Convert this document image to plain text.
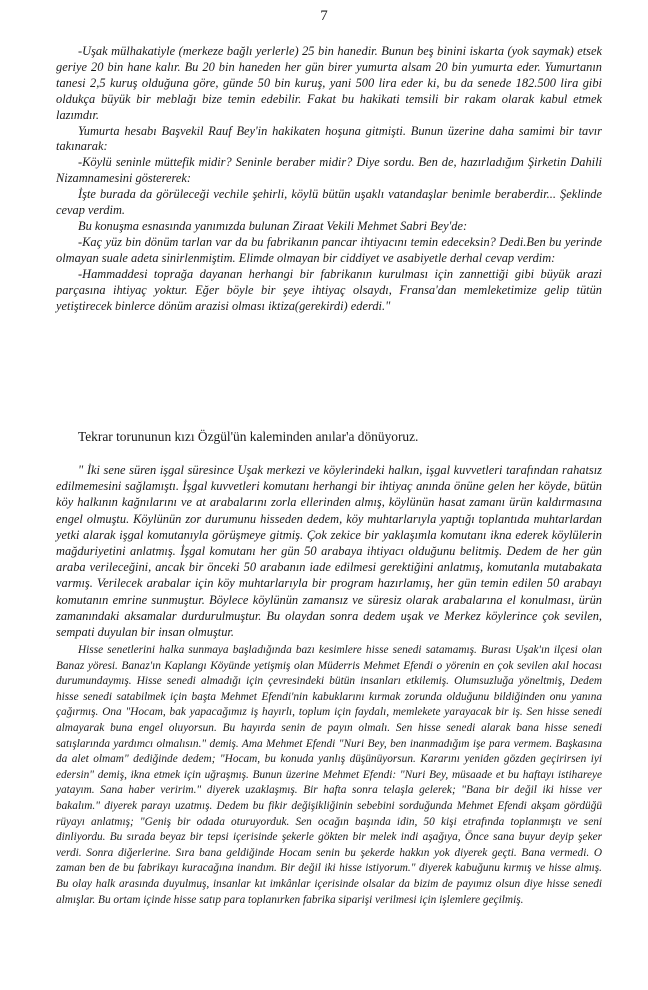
7

-Uşak mülhakatiyle (merkeze bağlı yerlerle) 25 bin hanedir. Bunun beş binini iskarta (yok saymak) etsek geriye 20 bin hane kalır. Bu 20 bin haneden her gün birer yumurta alsam 20 bin yumurta eder. Yumurtanın tanesi 2,5 kuruş olduğuna göre, günde 50 bin kuruş, yani 500 lira eder ki, bu da senede 182.500 lira gibi oldukça büyük bir meblağı bize temin edebilir. Fakat bu hakikati temsili bir rakam olarak kabul etmek lazımdır.

Yumurta hesabı Başvekil Rauf Bey'in hakikaten hoşuna gitmişti. Bunun üzerine daha samimi bir tavır takınarak:

-Köylü seninle müttefik midir? Seninle beraber midir? Diye sordu. Ben de, hazırladığım Şirketin Dahili Nizamnamesini göstererek:

İşte burada da görüleceği vechile şehirli, köylü bütün uşaklı vatandaşlar benimle beraberdir... Şeklinde cevap verdim.

Bu konuşma esnasında yanımızda bulunan Ziraat Vekili Mehmet Sabri Bey'de:

-Kaç yüz bin dönüm tarlan var da bu fabrikanın pancar ihtiyacını temin edeceksin? Dedi.Ben bu yerinde olmayan suale adeta sinirlenmiştim. Elimde olmayan bir ciddiyet ve asabiyetle derhal cevap verdim:

-Hammaddesi toprağa dayanan herhangi bir fabrikanın kurulması için zannettiği gibi büyük arazi parçasına ihtiyaç yoktur. Eğer böyle bir şeye ihtiyaç olsaydı, Fransa'dan memleketimize gelip tütün yetiştirecek binlerce dönüm arazisi olması iktiza(gerekirdi) ederdi."

Tekrar torununun kızı Özgül'ün kaleminden anılar'a dönüyoruz.

" İki sene süren işgal süresince Uşak merkezi ve köylerindeki halkın, işgal kuvvetleri tarafından rahatsız edilmemesini sağlamıştı. İşgal kuvvetleri komutanı herhangi bir ihtiyaç anında önüne gelen her köyde, bütün köy halkının kağnılarını ve at arabalarını zorla ellerinden almış, köylünün hasat zamanı ürün kaldırmasına engel olmuştu. Köylünün zor durumunu hisseden dedem, köy muhtarlarıyla yaptığı toplantıda muhtarlardan yetki alarak işgal komutanıyla görüşmeye gitmiş. Çok zekice bir yaklaşımla komutanı ikna ederek köylülerin mağduriyetini anlatmış. İşgal komutanı her gün 50 arabaya ihtiyacı olduğunu belitmiş. Dedem de her gün araba verileceğini, ancak bir önceki 50 arabanın iade edilmesi gerektiğini anlatmış, komutanla mutabakata varmış. Verilecek arabalar için köy muhtarlarıyla bir program hazırlamış, her gün temin edilen 50 arabayı komutanın emrine sunmuştur. Böylece köylünün zamansız ve süresiz olarak arabalarına el konulması, ürün zamanındaki aksamalar durdurulmuştur. Bu olaydan sonra dedem uşak ve Merkez köylerince çok sevilen, sempati duyulan bir insan olmuştur.

Hisse senetlerini halka sunmaya başladığında bazı kesimlere hisse senedi satamamış. Burası Uşak'ın ilçesi olan Banaz yöresi. Banaz'ın Kaplangı Köyünde yetişmiş olan Müderris Mehmet Efendi o yörenin en çok sevilen akıl hocası durumundaymış. Hisse senedi almadığı için çevresindeki bütün insanları etkilemiş. Olumsuzluğa yöneltmiş, Dedem hisse senedi satabilmek için başta Mehmet Efendi'nin kabuklarını kırmak zorunda olduğunu bildiğinden onu yanına çağırmış. Ona "Hocam, bak yapacağımız iş hayırlı, toplum için faydalı, memlekete yarayacak bir iş. Sen hisse senedi almayarak buna engel oluyorsun. Bu hayırda senin de payın olmalı. Sen hisse senedi alarak bana hisse senedi satışlarında yardımcı olmalısın." demiş. Ama Mehmet Efendi "Nuri Bey, ben inanmadığım işe para vermem. Başkasına da alet olmam" dediğinde dedem; "Hocam, bu konuda yanlış düşünüyorsun. Kararını yeniden gözden geçirirsen iyi edersin" demiş, ikna etmek için uğraşmış. Bunun üzerine Mehmet Efendi: "Nuri Bey, müsaade et bu haftayı istihareye yatayım. Sana haber veririm." diyerek uzaklaşmış. Bir hafta sonra telaşla gelerek; "Bana bir değil iki hisse ver bakalım." diyerek parayı uzatmış. Dedem bu fikir değişikliğinin sebebini sorduğunda Mehmet Efendi akşam gördüğü rüyayı anlatmış; "Geniş bir odada oturuyorduk. Sen ocağın başında idin, 50 kişi etrafında toplanmıştı ve seni dinliyordu. Bu sırada beyaz bir tepsi içerisinde şekerle gökten bir melek indi aşağıya, Önce sana buyur deyip şeker verdi. Sonra diğerlerine. Sıra bana geldiğinde Hocam senin bu şekerde hakkın yok diyerek geçti. Bana vermedi. O zaman ben de bu fabrikayı kuracağına inandım. Bir değil iki hisse istiyorum." diyerek kabuğunu kırmış ve hisse almış. Bu olay halk arasında duyulmuş, insanlar kıt imkânlar içerisinde olsalar da bizim de payımız olsun diye hisse senedi almışlar. Bu ortam içinde hisse satıp para toplanırken fabrika siparişi verilmesi için işlemlere geçilmiş.
